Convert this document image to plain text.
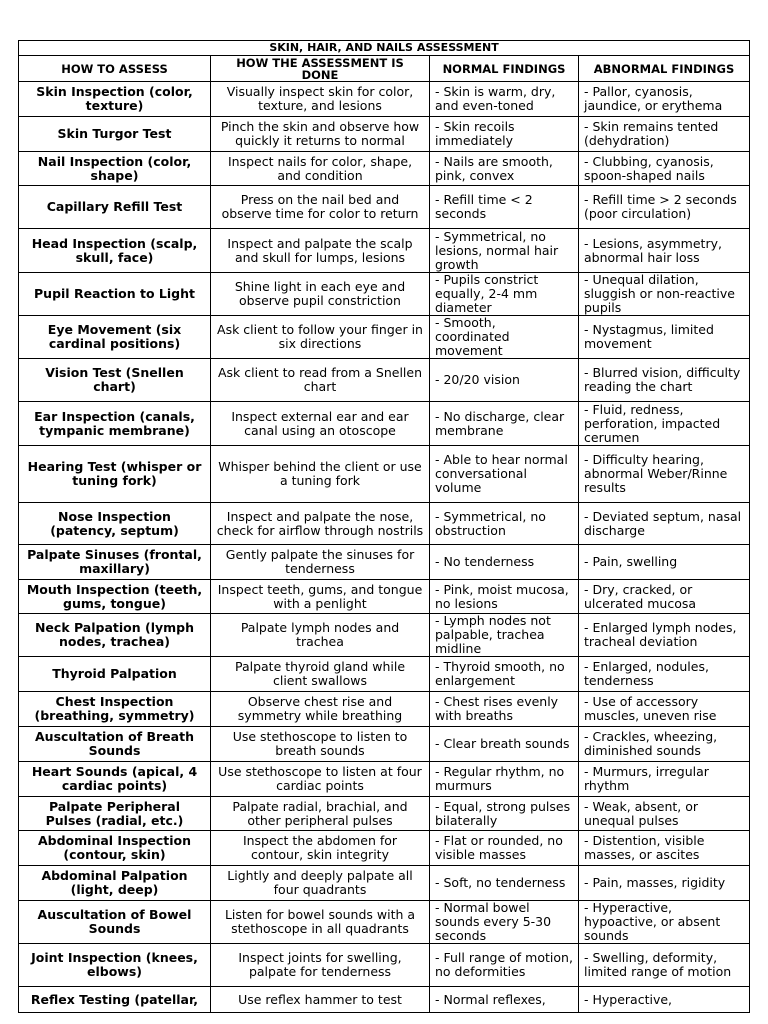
SKIN, HAIR, AND NAILS ASSESSMENT			
HOW TO ASSESS	HOW THE ASSESSMENT IS DONE	NORMAL FINDINGS	ABNORMAL FINDINGS
Skin Inspection (color, texture)	Visually inspect skin for color, texture, and lesions	- Skin is warm, dry, and even-toned	- Pallor, cyanosis, jaundice, or erythema
Skin Turgor Test	Pinch the skin and observe how quickly it returns to normal	- Skin recoils immediately	- Skin remains tented (dehydration)
Nail Inspection (color, shape)	Inspect nails for color, shape, and condition	- Nails are smooth, pink, convex	- Clubbing, cyanosis, spoon-shaped nails
Capillary Refill Test	Press on the nail bed and observe time for color to return	- Refill time < 2 seconds	- Refill time > 2 seconds (poor circulation)
Head Inspection (scalp, skull, face)	Inspect and palpate the scalp and skull for lumps, lesions	- Symmetrical, no lesions, normal hair growth	- Lesions, asymmetry, abnormal hair loss
Pupil Reaction to Light	Shine light in each eye and observe pupil constriction	- Pupils constrict equally, 2-4 mm diameter	- Unequal dilation, sluggish or non-reactive pupils
Eye Movement (six cardinal positions)	Ask client to follow your finger in six directions	- Smooth, coordinated movement	- Nystagmus, limited movement
Vision Test (Snellen chart)	Ask client to read from a Snellen chart	- 20/20 vision	- Blurred vision, difficulty reading the chart
Ear Inspection (canals, tympanic membrane)	Inspect external ear and ear canal using an otoscope	- No discharge, clear membrane	- Fluid, redness, perforation, impacted cerumen
Hearing Test (whisper or tuning fork)	Whisper behind the client or use a tuning fork	- Able to hear normal conversational volume	- Difficulty hearing, abnormal Weber/Rinne results
Nose Inspection (patency, septum)	Inspect and palpate the nose, check for airflow through nostrils	- Symmetrical, no obstruction	- Deviated septum, nasal discharge
Palpate Sinuses (frontal, maxillary)	Gently palpate the sinuses for tenderness	- No tenderness	- Pain, swelling
Mouth Inspection (teeth, gums, tongue)	Inspect teeth, gums, and tongue with a penlight	- Pink, moist mucosa, no lesions	- Dry, cracked, or ulcerated mucosa
Neck Palpation (lymph nodes, trachea)	Palpate lymph nodes and trachea	- Lymph nodes not palpable, trachea midline	- Enlarged lymph nodes, tracheal deviation
Thyroid Palpation	Palpate thyroid gland while client swallows	- Thyroid smooth, no enlargement	- Enlarged, nodules, tenderness
Chest Inspection (breathing, symmetry)	Observe chest rise and symmetry while breathing	- Chest rises evenly with breaths	- Use of accessory muscles, uneven rise
Auscultation of Breath Sounds	Use stethoscope to listen to breath sounds	- Clear breath sounds	- Crackles, wheezing, diminished sounds
Heart Sounds (apical, 4 cardiac points)	Use stethoscope to listen at four cardiac points	- Regular rhythm, no murmurs	- Murmurs, irregular rhythm
Palpate Peripheral Pulses (radial, etc.)	Palpate radial, brachial, and other peripheral pulses	- Equal, strong pulses bilaterally	- Weak, absent, or unequal pulses
Abdominal Inspection (contour, skin)	Inspect the abdomen for contour, skin integrity	- Flat or rounded, no visible masses	- Distention, visible masses, or ascites
Abdominal Palpation (light, deep)	Lightly and deeply palpate all four quadrants	- Soft, no tenderness	- Pain, masses, rigidity
Auscultation of Bowel Sounds	Listen for bowel sounds with a stethoscope in all quadrants	- Normal bowel sounds every 5-30 seconds	- Hyperactive, hypoactive, or absent sounds
Joint Inspection (knees, elbows)	Inspect joints for swelling, palpate for tenderness	- Full range of motion, no deformities	- Swelling, deformity, limited range of motion
Reflex Testing (patellar,	Use reflex hammer to test	- Normal reflexes,	- Hyperactive,
